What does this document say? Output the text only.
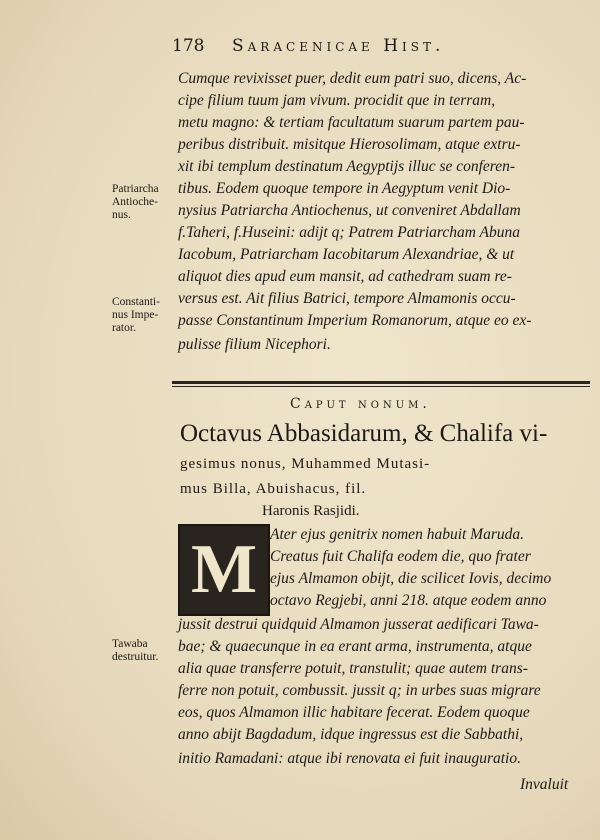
178 Saracenicae Hist.
Cumque revixisset puer, dedit eum patri suo, dicens, Ac-
cipe filium tuum jam vivum. procidit que in terram,
metu magno: & tertiam facultatum suarum partem pau-
peribus distribuit. misitque Hierosolimam, atque extru-
xit ibi templum destinatum Aegyptijs illuc se conferen-
tibus. Eodem quoque tempore in Aegyptum venit Dio-
nysius Patriarcha Antiochenus, ut conveniret Abdallam
f.Taheri, f.Huseini: adijt q; Patrem Patriarcham Abuna
Iacobum, Patriarcham Iacobitarum Alexandriae, & ut
aliquot dies apud eum mansit, ad cathedram suam re-
versus est. Ait filius Batrici, tempore Almamonis occu-
passe Constantinum Imperium Romanorum, atque eo ex-
pulisse filium Nicephori.
Patriarcha
Antioche-
nus.
Constanti-
nus Impe-
rator.
Tawaba
destruitur.
Caput nonum.
Octavus Abbasidarum, & Chalifa vi-
gesimus nonus, Muhammed Mutasi-
mus Billa, Abuishacus, fil.
Haronis Rasjidi.
M Ater ejus genitrix nomen habuit Maruda.
Creatus fuit Chalifa eodem die, quo frater
ejus Almamon obijt, die scilicet Iovis, decimo
octavo Regjebi, anni 218. atque eodem anno
jussit destrui quidquid Almamon jusserat aedificari Tawa-
bae; & quaecunque in ea erant arma, instrumenta, atque
alia quae transferre potuit, transtulit; quae autem trans-
ferre non potuit, combussit. jussit q; in urbes suas migrare
eos, quos Almamon illic habitare fecerat. Eodem quoque
anno abijt Bagdadum, idque ingressus est die Sabbathi,
initio Ramadani: atque ibi renovata ei fuit inauguratio.
Invaluit
